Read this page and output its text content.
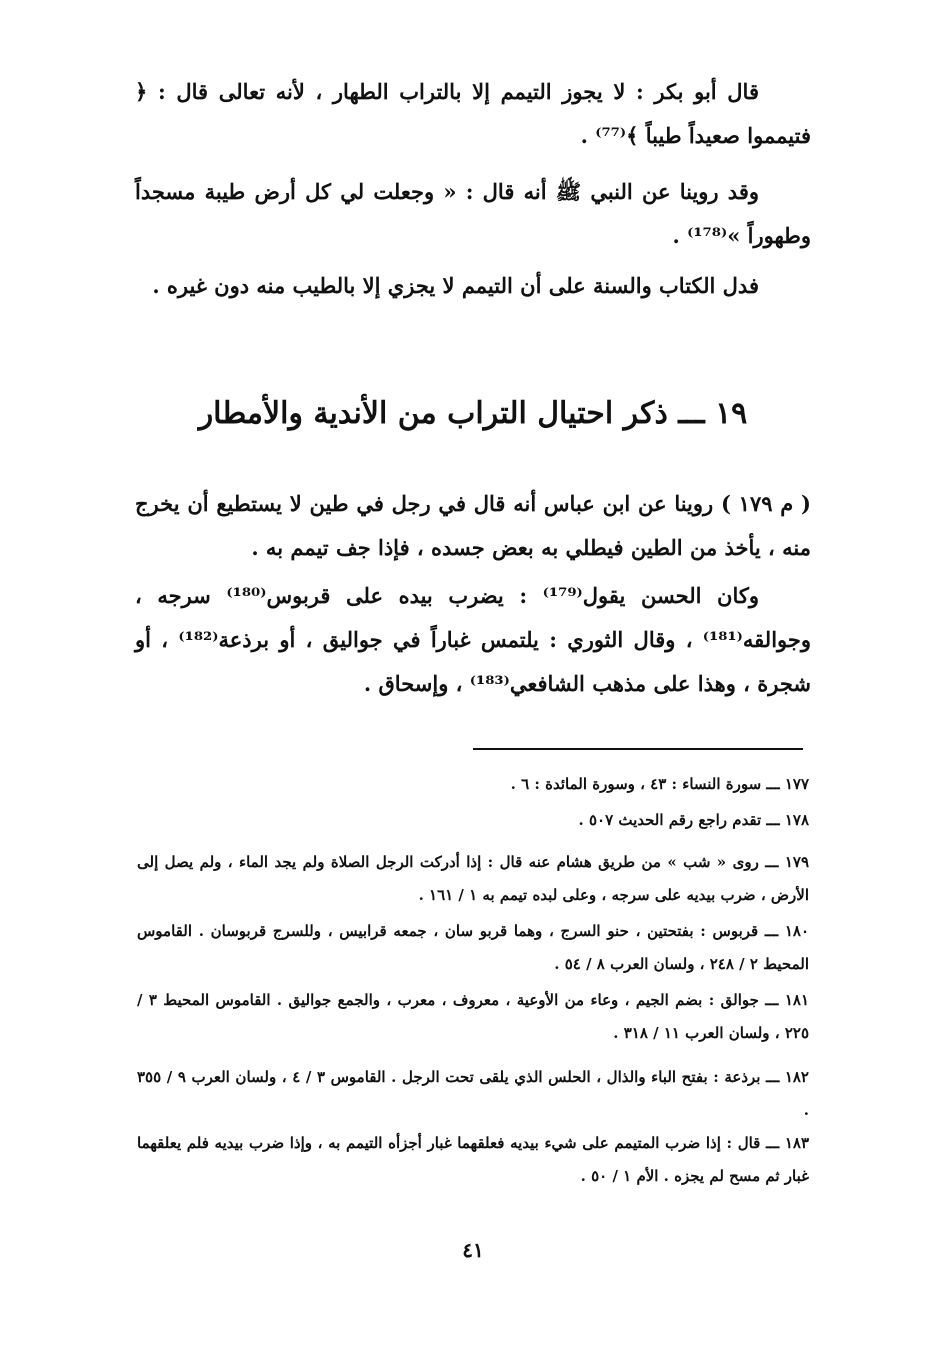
قال أبو بكر : لا يجوز التيمم إلا بالتراب الطهار ، لأنه تعالى قال : ﴿ فتيمموا صعيداً طيباً ﴾⁽⁷⁷⁾ .
وقد روينا عن النبي ﷺ أنه قال : « وجعلت لي كل أرض طيبة مسجداً وطهوراً »⁽¹⁷⁸⁾ .
فدل الكتاب والسنة على أن التيمم لا يجزي إلا بالطيب منه دون غيره .
١٩ ـــ ذكر احتيال التراب من الأندية والأمطار
( م ١٧٩ ) روينا عن ابن عباس أنه قال في رجل في طين لا يستطيع أن يخرج منه ، يأخذ من الطين فيطلي به بعض جسده ، فإذا جف تيمم به .
وكان الحسن يقول⁽¹⁷⁹⁾ : يضرب بيده على قربوس⁽¹⁸⁰⁾ سرجه ، وجوالقه⁽¹⁸¹⁾ ، وقال الثوري : يلتمس غباراً في جواليق ، أو برذعة⁽¹⁸²⁾ ، أو شجرة ، وهذا على مذهب الشافعي⁽¹⁸³⁾ ، وإسحاق .
١٧٧ ـــ سورة النساء : ٤٣ ، وسورة المائدة : ٦ .
١٧٨ ـــ تقدم راجع رقم الحديث ٥٠٧ .
١٧٩ ـــ روى « شب » من طريق هشام عنه قال : إذا أدركت الرجل الصلاة ولم يجد الماء ، ولم يصل إلى الأرض ، ضرب بيديه على سرجه ، وعلى لبده تيمم به ١ / ١٦١ .
١٨٠ ـــ قربوس : بفتحتين ، حنو السرج ، وهما قربو سان ، جمعه قرابيس ، وللسرج قربوسان . القاموس المحيط ٢ / ٢٤٨ ، ولسان العرب ٨ / ٥٤ .
١٨١ ـــ جوالق : بضم الجيم ، وعاء من الأوعية ، معروف ، معرب ، والجمع جواليق . القاموس المحيط ٣ / ٢٢٥ ، ولسان العرب ١١ / ٣١٨ .
١٨٢ ـــ برذعة : بفتح الباء والذال ، الحلس الذي يلقى تحت الرجل . القاموس ٣ / ٤ ، ولسان العرب ٩ / ٣٥٥ .
١٨٣ ـــ قال : إذا ضرب المتيمم على شيء بيديه فعلقهما غبار أجزأه التيمم به ، وإذا ضرب بيديه فلم يعلقهما غبار ثم مسح لم يجزه . الأم ١ / ٥٠ .
٤١
